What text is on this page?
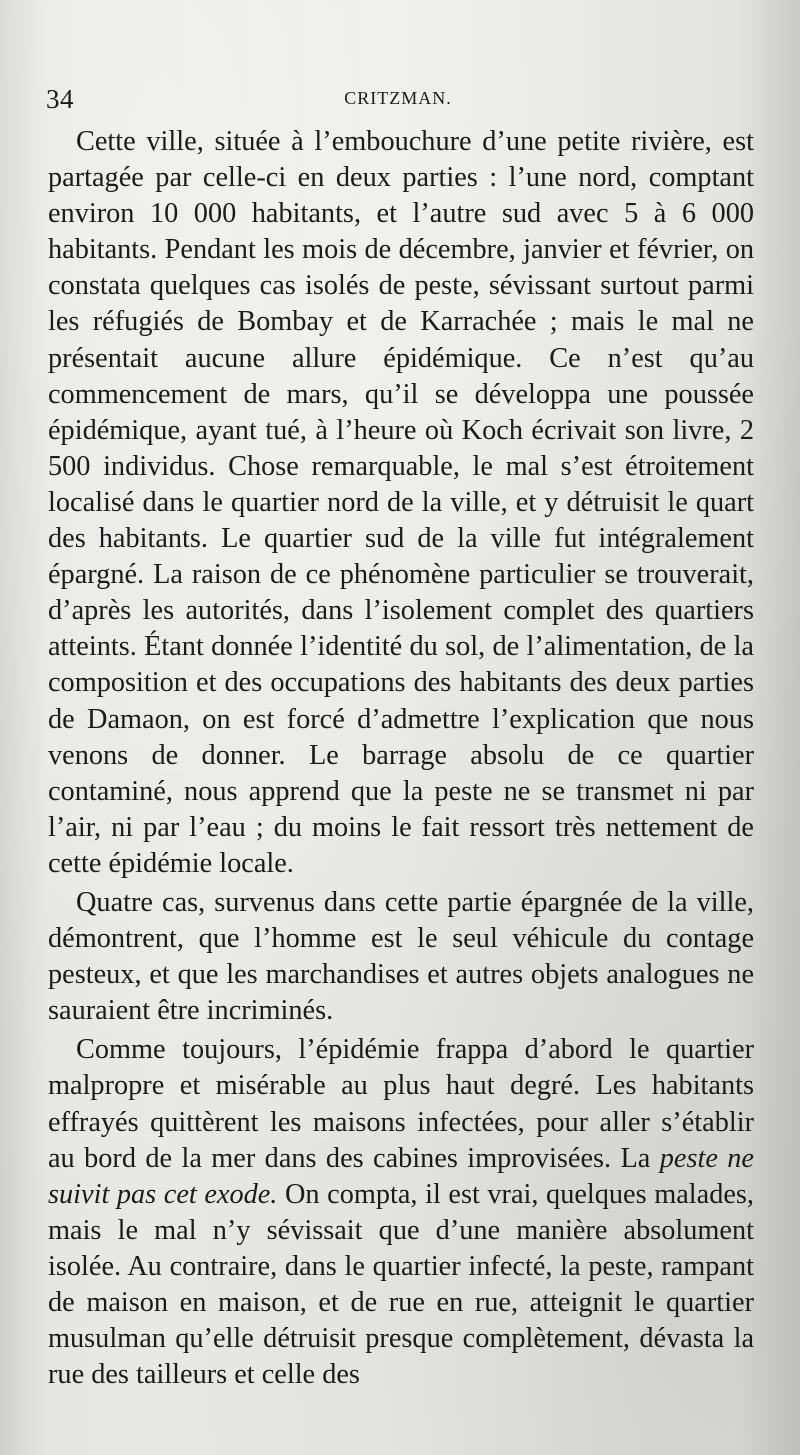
34	CRITZMAN.

Cette ville, située à l’embouchure d’une petite rivière, est partagée par celle-ci en deux parties : l’une nord, comptant environ 10 000 habitants, et l’autre sud avec 5 à 6 000 habitants. Pendant les mois de décembre, janvier et février, on constata quelques cas isolés de peste, sévissant surtout parmi les réfugiés de Bombay et de Karrachée ; mais le mal ne présentait aucune allure épidémique. Ce n’est qu’au commencement de mars, qu’il se développa une poussée épidémique, ayant tué, à l’heure où Koch écrivait son livre, 2 500 individus. Chose remarquable, le mal s’est étroitement localisé dans le quartier nord de la ville, et y détruisit le quart des habitants. Le quartier sud de la ville fut intégralement épargné. La raison de ce phénomène particulier se trouverait, d’après les autorités, dans l’isolement complet des quartiers atteints. Étant donnée l’identité du sol, de l’alimentation, de la composition et des occupations des habitants des deux parties de Damaon, on est forcé d’admettre l’explication que nous venons de donner. Le barrage absolu de ce quartier contaminé, nous apprend que la peste ne se transmet ni par l’air, ni par l’eau ; du moins le fait ressort très nettement de cette épidémie locale.

Quatre cas, survenus dans cette partie épargnée de la ville, démontrent, que l’homme est le seul véhicule du contage pesteux, et que les marchandises et autres objets analogues ne sauraient être incriminés.

Comme toujours, l’épidémie frappa d’abord le quartier malpropre et misérable au plus haut degré. Les habitants effrayés quittèrent les maisons infectées, pour aller s’établir au bord de la mer dans des cabines improvisées. La peste ne suivit pas cet exode. On compta, il est vrai, quelques malades, mais le mal n’y sévissait que d’une manière absolument isolée. Au contraire, dans le quartier infecté, la peste, rampant de maison en maison, et de rue en rue, atteignit le quartier musulman qu’elle détruisit presque complètement, dévasta la rue des tailleurs et celle des
